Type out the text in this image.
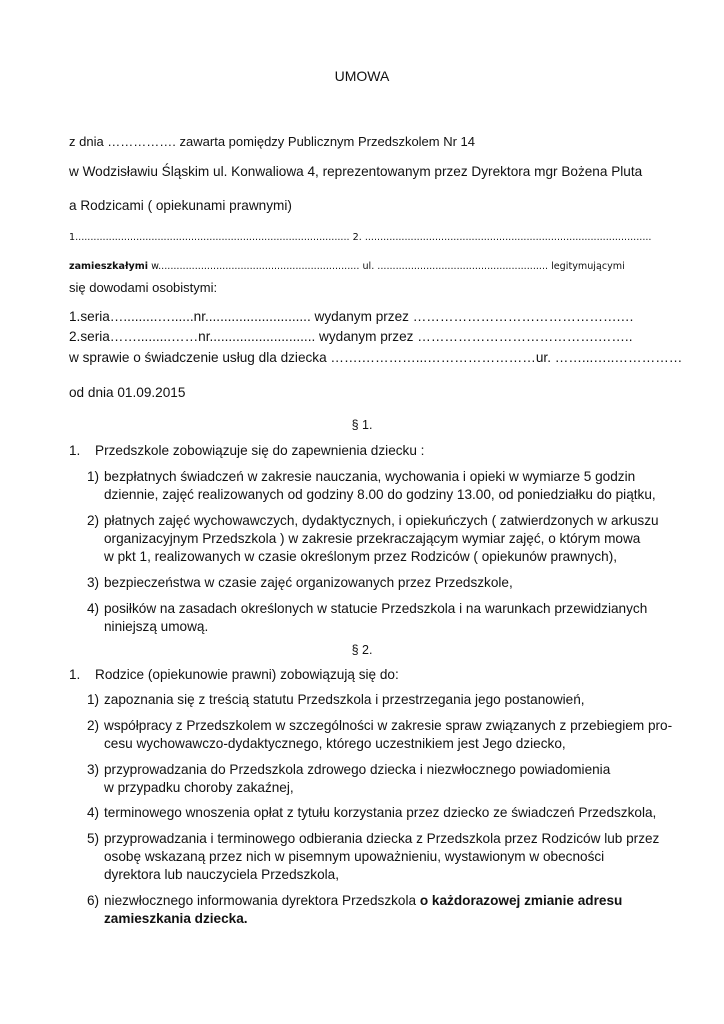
UMOWA
z dnia ……………. zawarta pomiędzy Publicznym Przedszkolem Nr 14
w Wodzisławiu Śląskim ul. Konwaliowa 4, reprezentowanym przez Dyrektora mgr Bożena Pluta
a Rodzicami ( opiekunami prawnymi)
1.......................................................................................... 2. ..............................................................................................
zamieszkałymi w.................................................................. ul. ........................................................ legitymującymi
się dowodami osobistymi:
1.seria….........…......nr............................ wydanym przez ……………………………………….…
2.seria…….........……nr............................ wydanym przez ………………………………….……..
w sprawie o świadczenie usług dla dziecka …….…………...……………………ur. ……...…..……………
od dnia 01.09.2015
§ 1.
1. Przedszkole zobowiązuje się do zapewnienia dziecku :
1) bezpłatnych świadczeń w zakresie nauczania, wychowania i opieki w wymiarze 5 godzin
dziennie, zajęć realizowanych od godziny 8.00 do godziny 13.00, od poniedziałku do piątku,
2) płatnych zajęć wychowawczych, dydaktycznych, i opiekuńczych ( zatwierdzonych w arkuszu
organizacyjnym Przedszkola ) w zakresie przekraczającym wymiar zajęć, o którym mowa
w pkt 1, realizowanych w czasie określonym przez Rodziców ( opiekunów prawnych),
3) bezpieczeństwa w czasie zajęć organizowanych przez Przedszkole,
4) posiłków na zasadach określonych w statucie Przedszkola i na warunkach przewidzianych
niniejszą umową.
§ 2.
1. Rodzice (opiekunowie prawni) zobowiązują się do:
1) zapoznania się z treścią statutu Przedszkola i przestrzegania jego postanowień,
2) współpracy z Przedszkolem w szczególności w zakresie spraw związanych z przebiegiem pro-
cesu wychowawczo-dydaktycznego, którego uczestnikiem jest Jego dziecko,
3) przyprowadzania do Przedszkola zdrowego dziecka i niezwłocznego powiadomienia
w przypadku choroby zakaźnej,
4) terminowego wnoszenia opłat z tytułu korzystania przez dziecko ze świadczeń Przedszkola,
5) przyprowadzania i terminowego odbierania dziecka z Przedszkola przez Rodziców lub przez
osobę wskazaną przez nich w pisemnym upoważnieniu, wystawionym w obecności
dyrektora lub nauczyciela Przedszkola,
6) niezwłocznego informowania dyrektora Przedszkola o każdorazowej zmianie adresu
zamieszkania dziecka.
